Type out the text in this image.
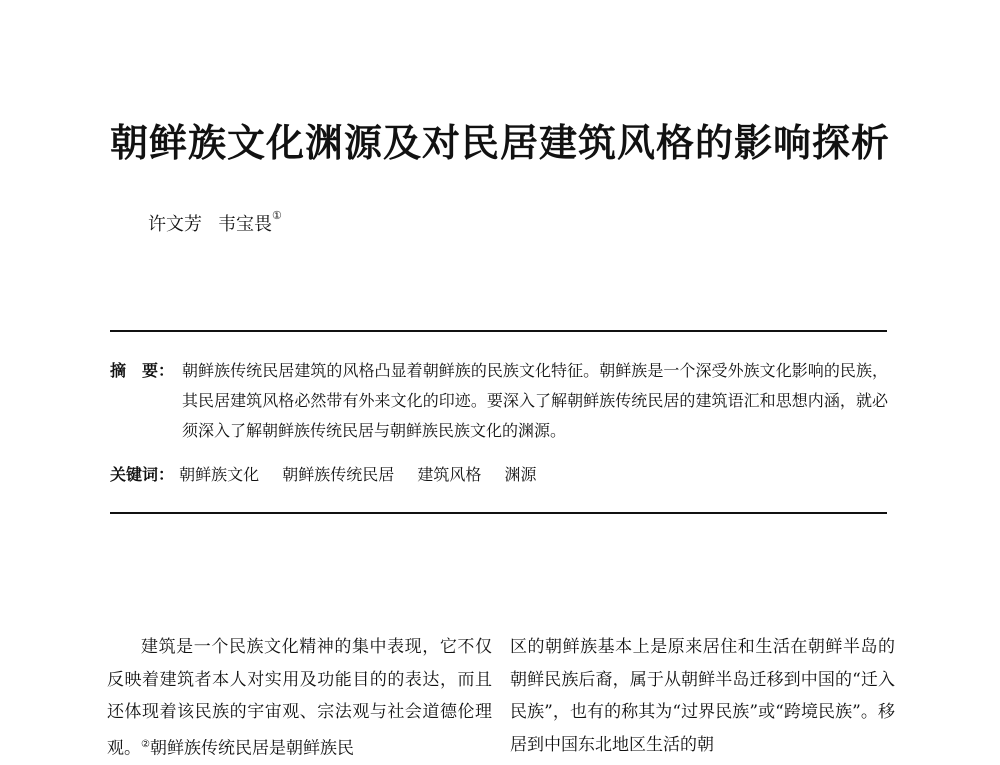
朝鲜族文化渊源及对民居建筑风格的影响探析
许文芳 韦宝畏①
摘　要： 朝鲜族传统民居建筑的风格凸显着朝鲜族的民族文化特征。朝鲜族是一个深受外族文化影响的民族，其民居建筑风格必然带有外来文化的印迹。要深入了解朝鲜族传统民居的建筑语汇和思想内涵，就必须深入了解朝鲜族传统民居与朝鲜族民族文化的渊源。
关键词： 朝鲜族文化 朝鲜族传统民居 建筑风格 渊源
建筑是一个民族文化精神的集中表现，它不仅反映着建筑者本人对实用及功能目的的表达，而且还体现着该民族的宇宙观、宗法观与社会道德伦理观。②朝鲜族传统民居是朝鲜族民
区的朝鲜族基本上是原来居住和生活在朝鲜半岛的朝鲜民族后裔，属于从朝鲜半岛迁移到中国的“迁入民族”，也有的称其为“过界民族”或“跨境民族”。移居到中国东北地区生活的朝
